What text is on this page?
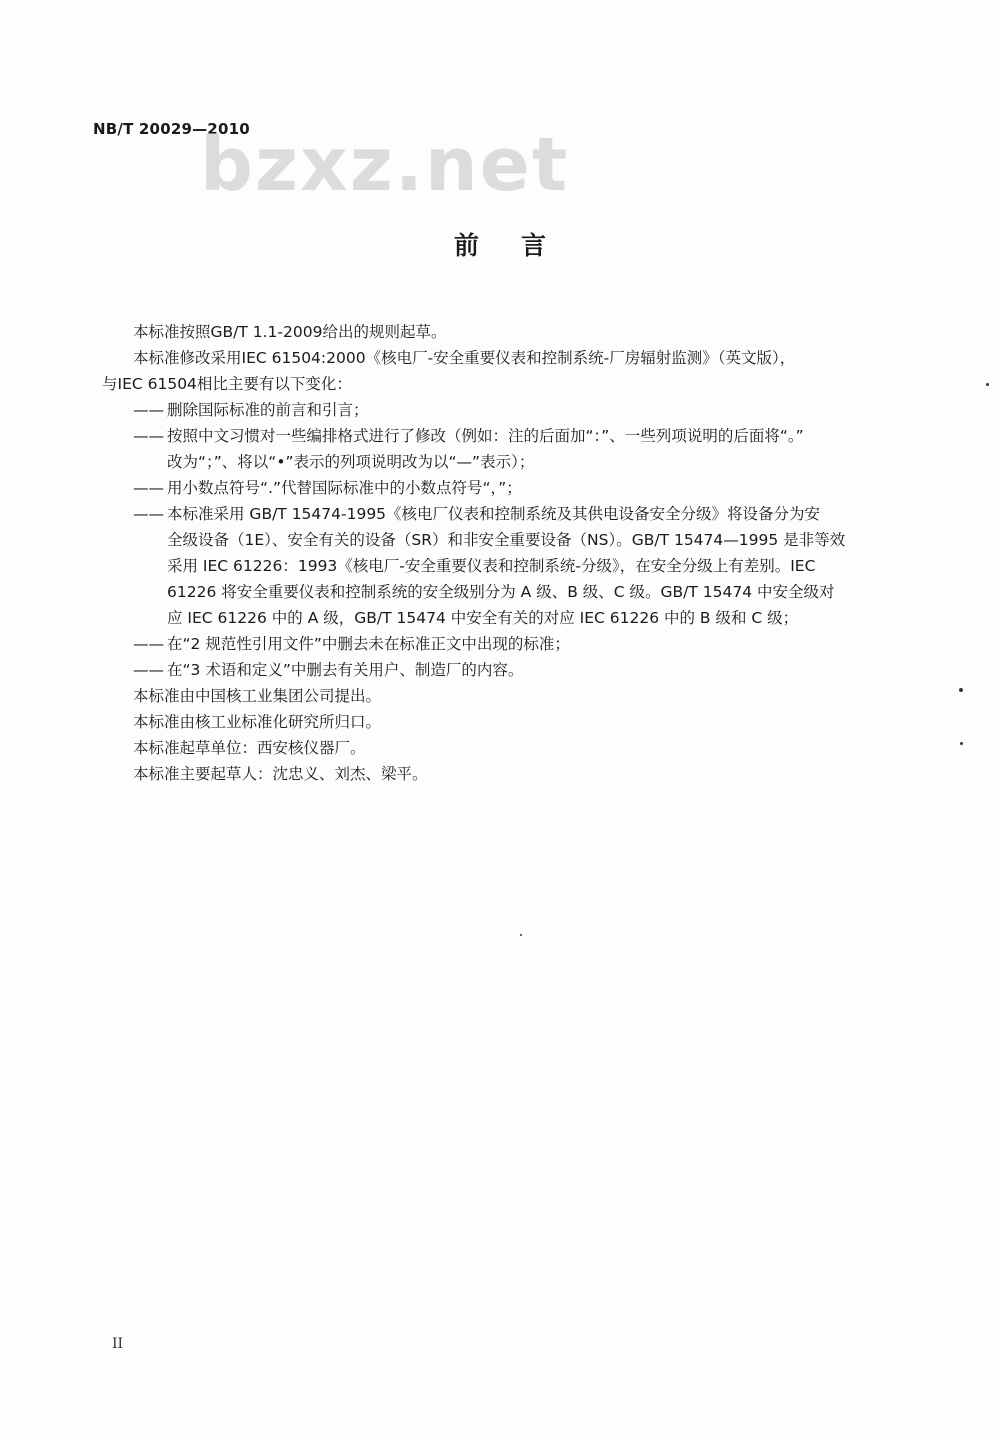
NB/T 20029—2010
bzxz.net
前言
本标准按照GB/T 1.1-2009给出的规则起草。
本标准修改采用IEC 61504:2000《核电厂-安全重要仪表和控制系统-厂房辐射监测》（英文版），
与IEC 61504相比主要有以下变化：
—— 删除国际标准的前言和引言；
—— 按照中文习惯对一些编排格式进行了修改（例如：注的后面加“：”、一些列项说明的后面将“。”
改为“；”、将以“•”表示的列项说明改为以“—”表示）；
—— 用小数点符号“.”代替国际标准中的小数点符号“，”；
—— 本标准采用 GB/T 15474-1995《核电厂仪表和控制系统及其供电设备安全分级》将设备分为安
全级设备（1E）、安全有关的设备（SR）和非安全重要设备（NS）。GB/T 15474—1995 是非等效
采用 IEC 61226：1993《核电厂-安全重要仪表和控制系统-分级》，在安全分级上有差别。IEC
61226 将安全重要仪表和控制系统的安全级别分为 A 级、B 级、C 级。GB/T 15474 中安全级对
应 IEC 61226 中的 A 级，GB/T 15474 中安全有关的对应 IEC 61226 中的 B 级和 C 级；
—— 在“2 规范性引用文件”中删去未在标准正文中出现的标准；
—— 在“3 术语和定义”中删去有关用户、制造厂的内容。
本标准由中国核工业集团公司提出。
本标准由核工业标准化研究所归口。
本标准起草单位：西安核仪器厂。
本标准主要起草人：沈忠义、刘杰、梁平。
II
